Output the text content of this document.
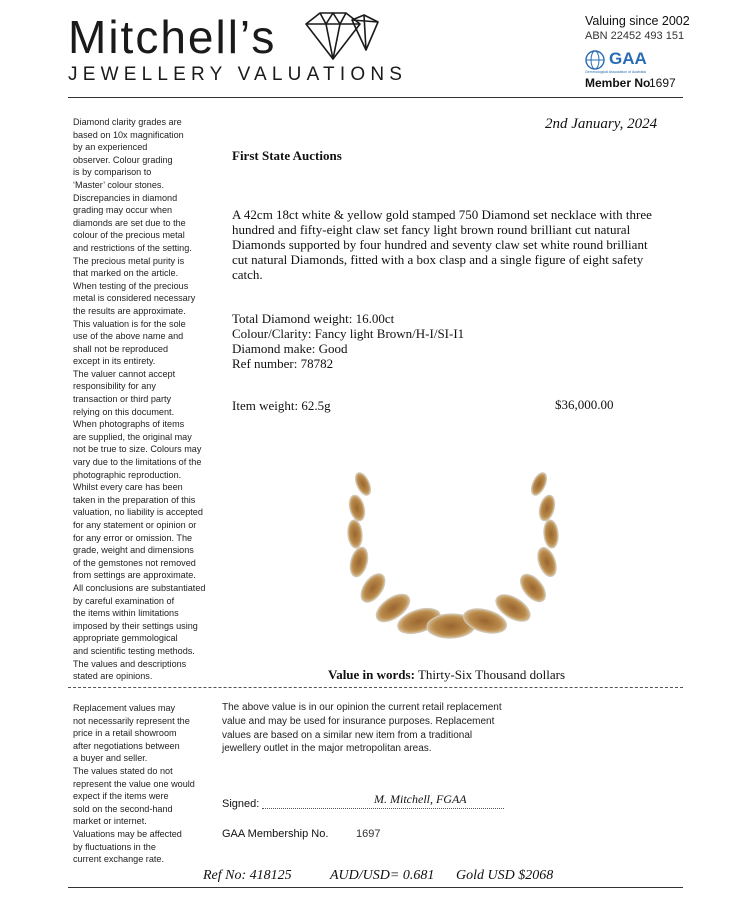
Mitchell’s
JEWELLERY VALUATIONS
Valuing since 2002
ABN 22452 493 151
GAA
Gemmological Association of Australia
Member No
1697
Diamond clarity grades are
based on 10x magnification
by an experienced
observer. Colour grading
is by comparison to
‘Master’ colour stones.
Discrepancies in diamond
grading may occur when
diamonds are set due to the
colour of the precious metal
and restrictions of the setting.
The precious metal purity is
that marked on the article.
When testing of the precious
metal is considered necessary
the results are approximate.
This valuation is for the sole
use of the above name and
shall not be reproduced
except in its entirety.
The valuer cannot accept
responsibility for any
transaction or third party
relying on this document.
When photographs of items
are supplied, the original may
not be true to size. Colours may
vary due to the limitations of the
photographic reproduction.
Whilst every care has been
taken in the preparation of this
valuation, no liability is accepted
for any statement or opinion or
for any error or omission. The
grade, weight and dimensions
of the gemstones not removed
from settings are approximate.
All conclusions are substantiated
by careful examination of
the items within limitations
imposed by their settings using
appropriate gemmological
and scientific testing methods.
The values and descriptions
stated are opinions.
2nd January, 2024
First State Auctions
A 42cm 18ct white & yellow gold stamped 750 Diamond set necklace with three hundred and fifty-eight claw set fancy light brown round brilliant cut natural Diamonds supported by four hundred and seventy claw set white round brilliant cut natural Diamonds, fitted with a box clasp and a single figure of eight safety catch.
Total Diamond weight: 16.00ct
Colour/Clarity: Fancy light Brown/H-I/SI-I1
Diamond make: Good
Ref number: 78782
Item weight: 62.5g	$36,000.00
Value in words: Thirty-Six Thousand dollars
Replacement values may
not necessarily represent the
price in a retail showroom
after negotiations between
a buyer and seller.
The values stated do not
represent the value one would
expect if the items were
sold on the second-hand
market or internet.
Valuations may be affected
by fluctuations in the
current exchange rate.
The above value is in our opinion the current retail replacement value and may be used for insurance purposes. Replacement values are based on a similar new item from a traditional jewellery outlet in the major metropolitan areas.
Signed:	M. Mitchell, FGAA
GAA Membership No.	1697
Ref No: 418125	AUD/USD= 0.681 Gold USD $2068
